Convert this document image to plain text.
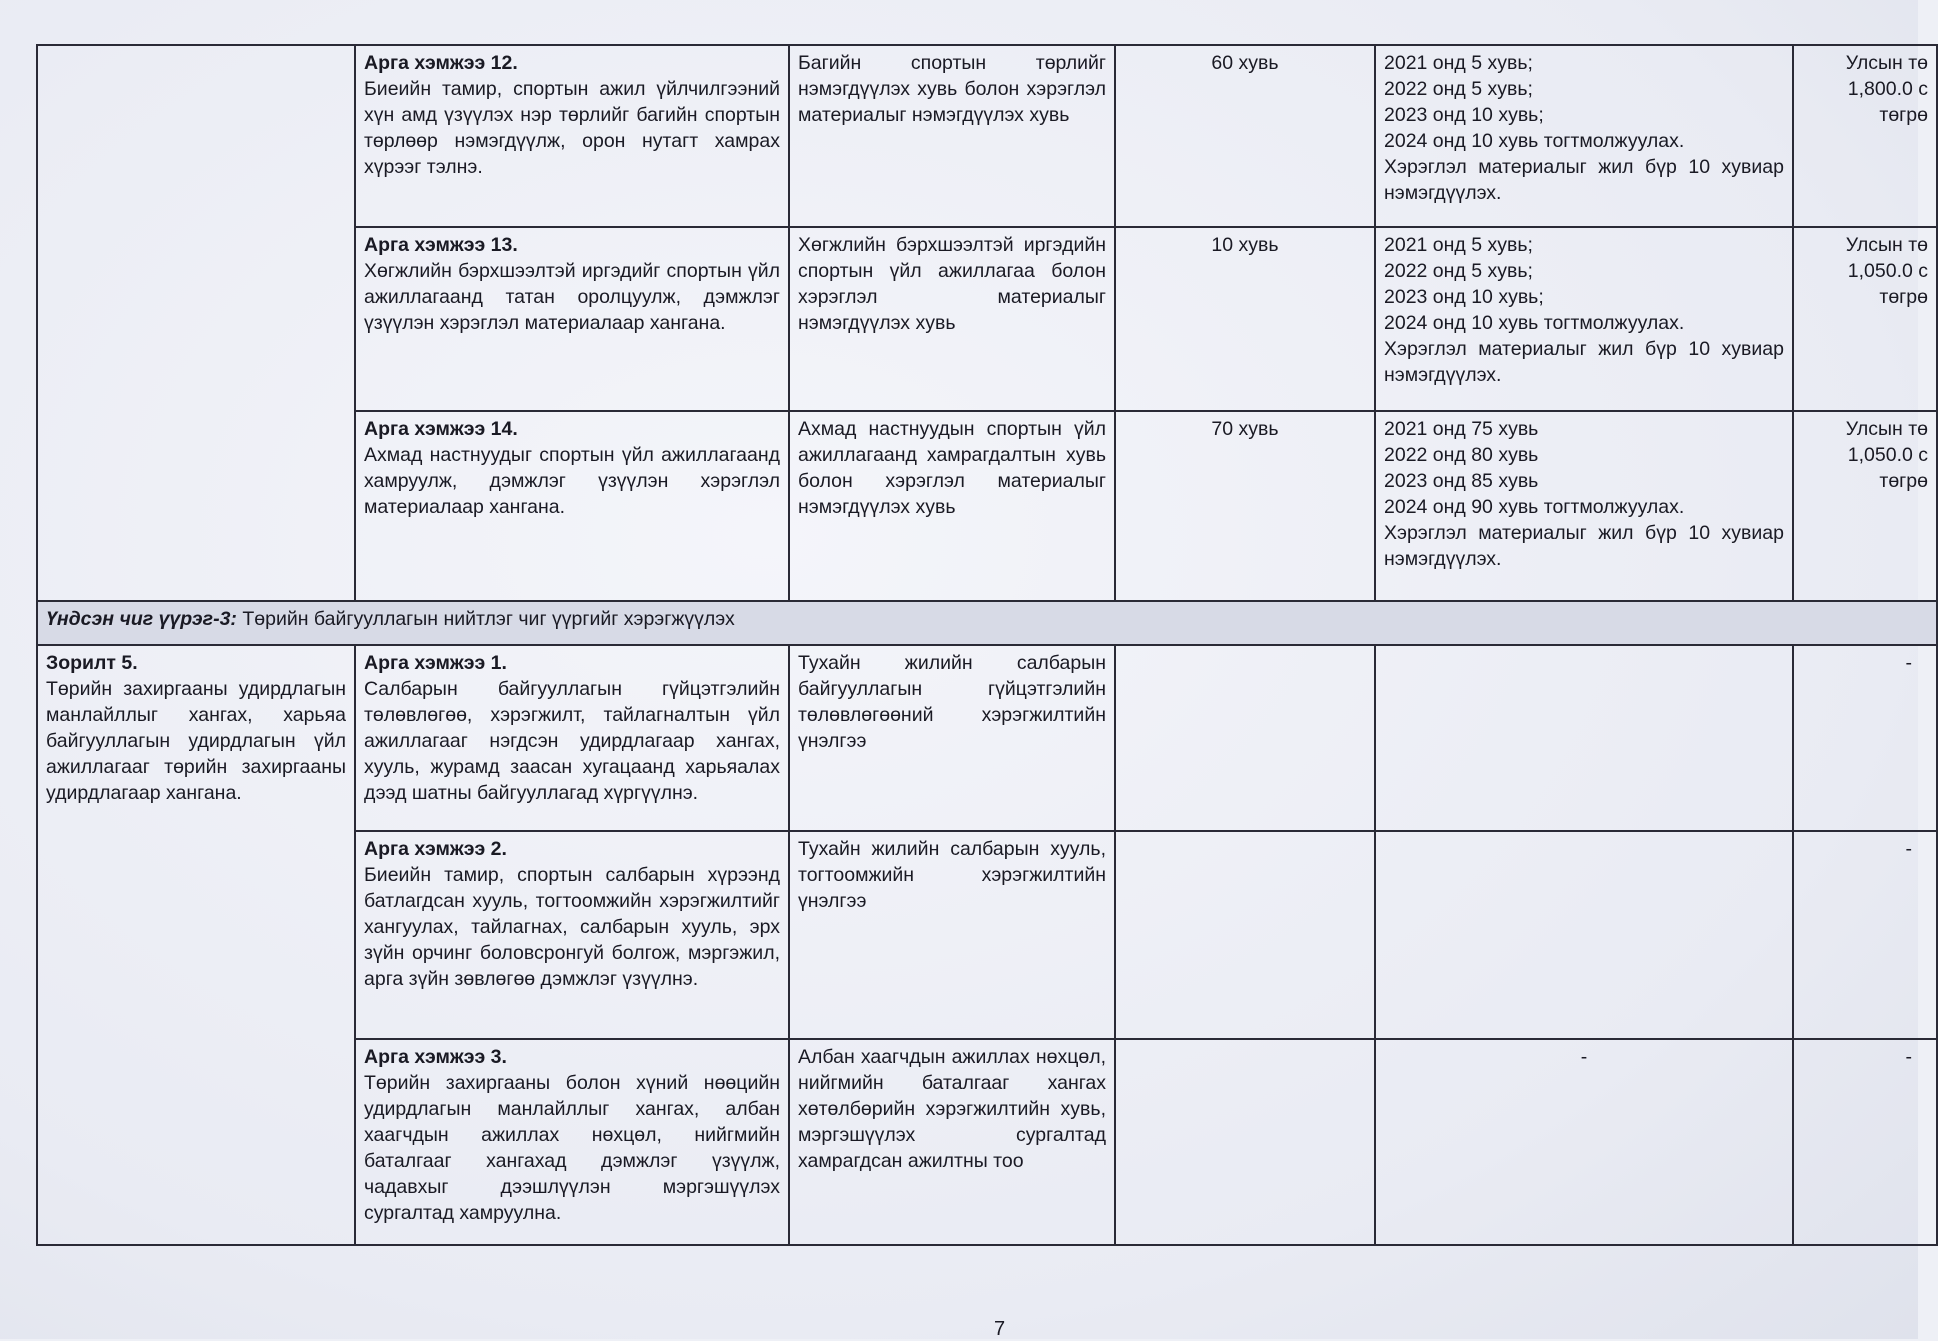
	Арга хэмжээ 12.
Биеийн тамир, спортын ажил үйлчилгээний хүн амд үзүүлэх нэр төрлийг багийн спортын төрлөөр нэмэгдүүлж, орон нутагт хамрах хүрээг тэлнэ.	Багийн спортын төрлийг нэмэгдүүлэх хувь болон хэрэглэл материалыг нэмэгдүүлэх хувь	60 хувь	2021 онд 5 хувь;
2022 онд 5 хувь;
2023 онд 10 хувь;
2024 онд 10 хувь тогтмолжуулах.
Хэрэглэл материалыг жил бүр 10 хувиар нэмэгдүүлэх.	Улсын тө
1,800.0 с
төгрө

	Арга хэмжээ 13.
Хөгжлийн бэрхшээлтэй иргэдийг спортын үйл ажиллагаанд татан оролцуулж, дэмжлэг үзүүлэн хэрэглэл материалаар хангана.	Хөгжлийн бэрхшээлтэй иргэдийн спортын үйл ажиллагаа болон хэрэглэл материалыг нэмэгдүүлэх хувь	10 хувь	2021 онд 5 хувь;
2022 онд 5 хувь;
2023 онд 10 хувь;
2024 онд 10 хувь тогтмолжуулах.
Хэрэглэл материалыг жил бүр 10 хувиар нэмэгдүүлэх.	Улсын тө
1,050.0 с
төгрө

	Арга хэмжээ 14.
Ахмад настнуудыг спортын үйл ажиллагаанд хамруулж, дэмжлэг үзүүлэн хэрэглэл материалаар хангана.	Ахмад настнуудын спортын үйл ажиллагаанд хамрагдалтын хувь болон хэрэглэл материалыг нэмэгдүүлэх хувь	70 хувь	2021 онд 75 хувь
2022 онд 80 хувь
2023 онд 85 хувь
2024 онд 90 хувь тогтмолжуулах.
Хэрэглэл материалыг жил бүр 10 хувиар нэмэгдүүлэх.	Улсын тө
1,050.0 с
төгрө

Үндсэн чиг үүрэг-3: Төрийн байгууллагын нийтлэг чиг үүргийг хэрэгжүүлэх					

Зорилт 5.
Төрийн захиргааны удирдлагын манлайллыг хангах, харьяа байгууллагын удирдлагын үйл ажиллагааг төрийн захиргааны удирдлагаар хангана.	Арга хэмжээ 1.
Салбарын байгууллагын гүйцэтгэлийн төлөвлөгөө, хэрэгжилт, тайлагналтын үйл ажиллагааг нэгдсэн удирдлагаар хангах, хууль, журамд заасан хугацаанд харьяалах дээд шатны байгууллагад хүргүүлнэ.	Тухайн жилийн салбарын байгууллагын гүйцэтгэлийн төлөвлөгөөний хэрэгжилтийн үнэлгээ			-

	Арга хэмжээ 2.
Биеийн тамир, спортын салбарын хүрээнд батлагдсан хууль, тогтоомжийн хэрэгжилтийг хангуулах, тайлагнах, салбарын хууль, эрх зүйн орчинг боловсронгуй болгож, мэргэжил, арга зүйн зөвлөгөө дэмжлэг үзүүлнэ.	Тухайн жилийн салбарын хууль, тогтоомжийн хэрэгжилтийн үнэлгээ			-

	Арга хэмжээ 3.
Төрийн захиргааны болон хүний нөөцийн удирдлагын манлайллыг хангах, албан хаагчдын ажиллах нөхцөл, нийгмийн баталгааг хангахад дэмжлэг үзүүлж, чадавхыг дээшлүүлэн мэргэшүүлэх сургалтад хамруулна.	Албан хаагчдын ажиллах нөхцөл, нийгмийн баталгааг хангах хөтөлбөрийн хэрэгжилтийн хувь, мэргэшүүлэх сургалтад хамрагдсан ажилтны тоо		-	-
7
